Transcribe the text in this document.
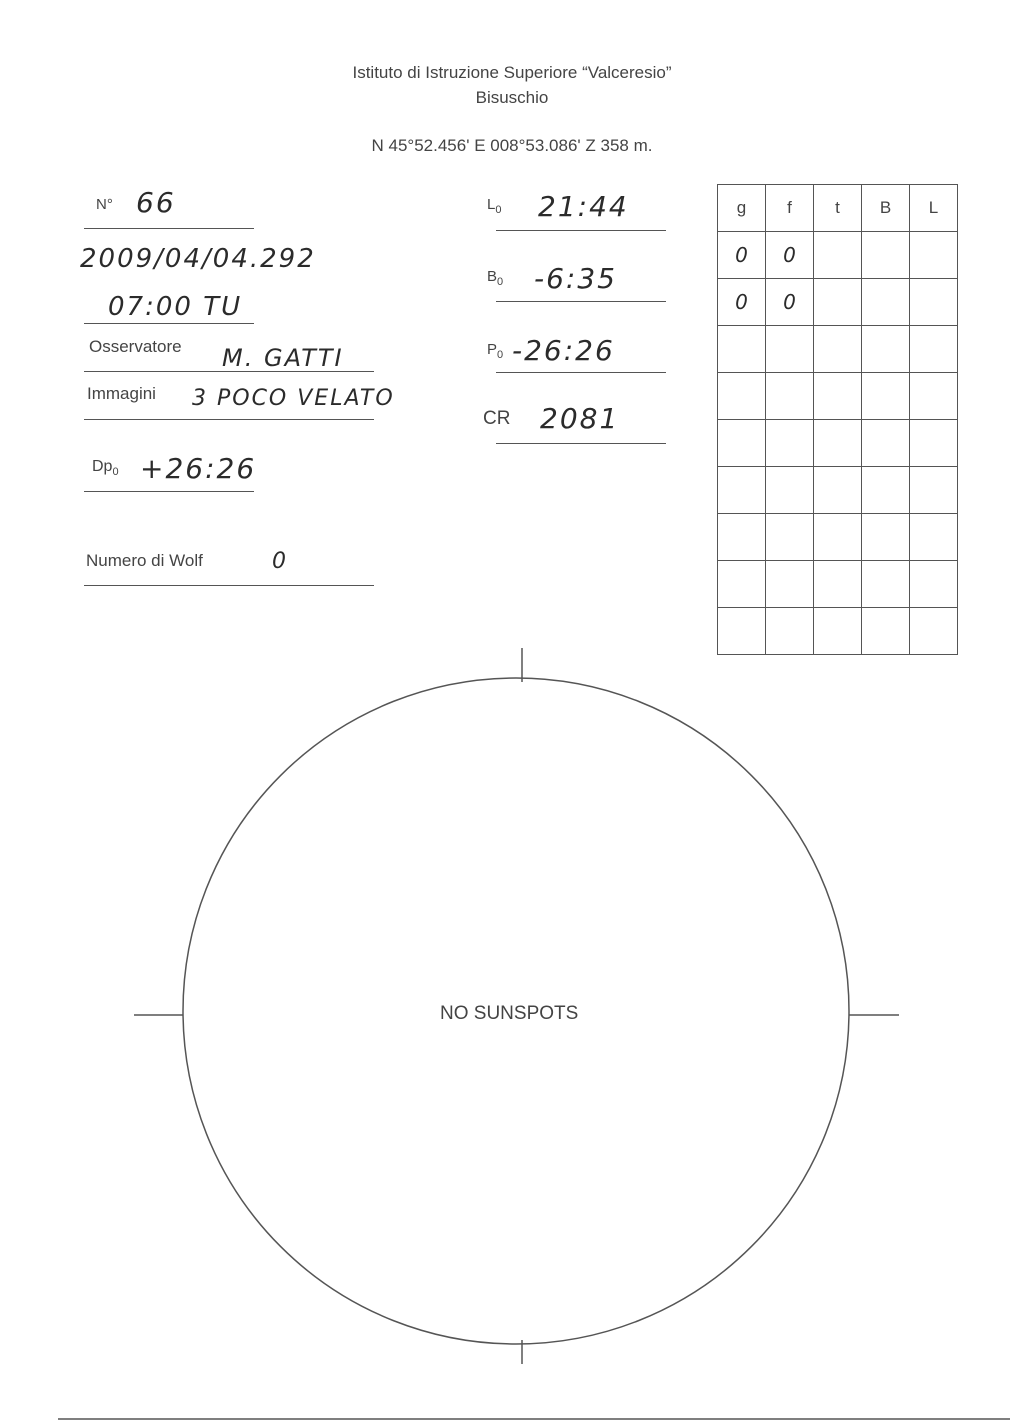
Istituto di Istruzione Superiore “Valceresio”
Bisuschio
N 45°52.456' E 008°53.086' Z 358 m.
N° 66
2009/04/04.292
07:00 TU
Osservatore M. GATTI
Immagini 3 POCO VELATO
$Dp_0$ +26:26
Numero di Wolf	0
$L_0$ 21:44
$B_0$ -6:35
$P_0$ -26:26
CR 2081
g	f	t	B	L
0	0			
0	0			

NO SUNSPOTS
